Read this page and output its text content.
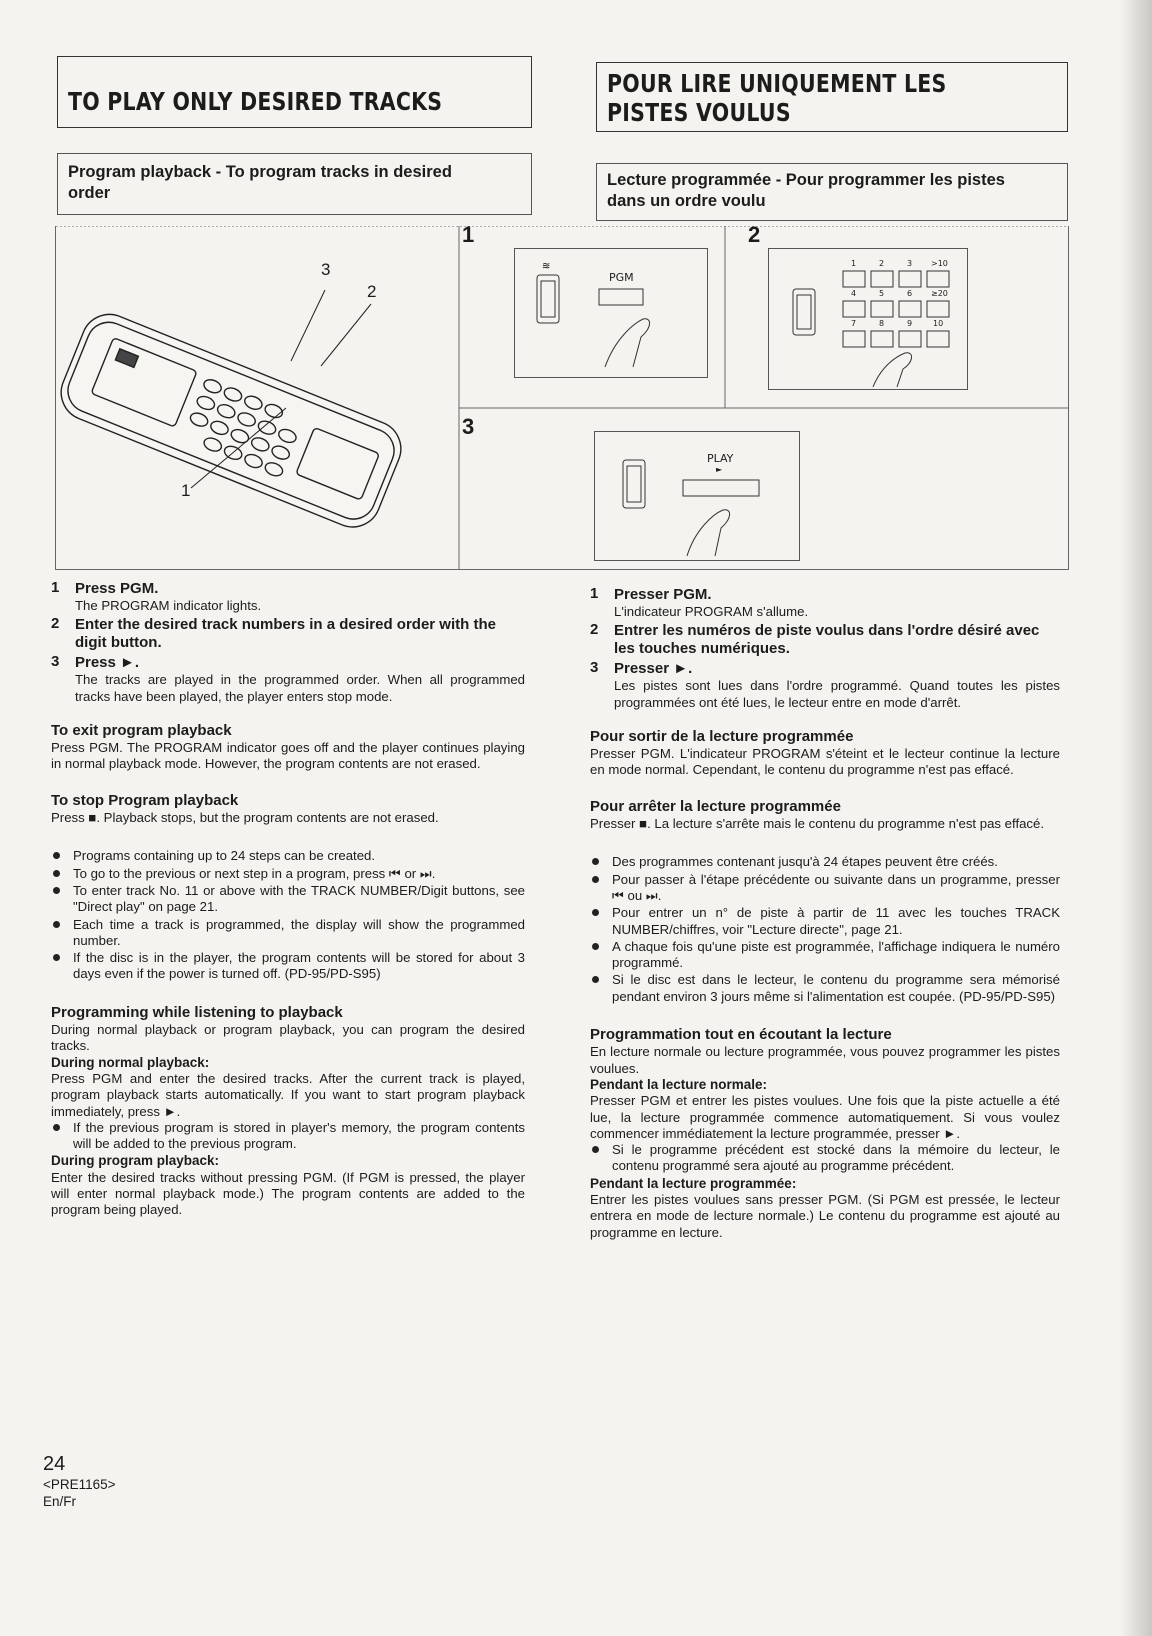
TO PLAY ONLY DESIRED TRACKS
POUR LIRE UNIQUEMENT LES PISTES VOULUS
Program playback - To program tracks in desired order
Lecture programmée - Pour programmer les pistes dans un ordre voulu
3
2
1
1
≋
PGM
2
1	2	3 >10
4	5	6 ≥20
7	8	9	10
3
PLAY
►
1	Press PGM.
The PROGRAM indicator lights.
2	Enter the desired track numbers in a desired order with the digit button.
3	Press ►.
The tracks are played in the programmed order. When all programmed tracks have been played, the player enters stop mode.
To exit program playback
Press PGM. The PROGRAM indicator goes off and the player continues playing in normal playback mode. However, the program contents are not erased.
To stop Program playback
Press ■. Playback stops, but the program contents are not erased.
Programs containing up to 24 steps can be created.
To go to the previous or next step in a program, press ⏮ or ⏭.
To enter track No. 11 or above with the TRACK NUMBER/Digit buttons, see "Direct play" on page 21.
Each time a track is programmed, the display will show the programmed number.
If the disc is in the player, the program contents will be stored for about 3 days even if the power is turned off. (PD-95/PD-S95)
Programming while listening to playback
During normal playback or program playback, you can program the desired tracks.
During normal playback:
Press PGM and enter the desired tracks. After the current track is played, program playback starts automatically. If you want to start program playback immediately, press ►.
If the previous program is stored in player's memory, the program contents will be added to the previous program.
During program playback:
Enter the desired tracks without pressing PGM. (If PGM is pressed, the player will enter normal playback mode.) The program contents are added to the program being played.
1	Presser PGM.
L'indicateur PROGRAM s'allume.
2	Entrer les numéros de piste voulus dans l'ordre désiré avec les touches numériques.
3	Presser ►.
Les pistes sont lues dans l'ordre programmé. Quand toutes les pistes programmées ont été lues, le lecteur entre en mode d'arrêt.
Pour sortir de la lecture programmée
Presser PGM. L'indicateur PROGRAM s'éteint et le lecteur continue la lecture en mode normal. Cependant, le contenu du programme n'est pas effacé.
Pour arrêter la lecture programmée
Presser ■. La lecture s'arrête mais le contenu du programme n'est pas effacé.
Des programmes contenant jusqu'à 24 étapes peuvent être créés.
Pour passer à l'étape précédente ou suivante dans un programme, presser ⏮ ou ⏭.
Pour entrer un n° de piste à partir de 11 avec les touches TRACK NUMBER/chiffres, voir "Lecture directe", page 21.
A chaque fois qu'une piste est programmée, l'affichage indiquera le numéro programmé.
Si le disc est dans le lecteur, le contenu du programme sera mémorisé pendant environ 3 jours même si l'alimentation est coupée. (PD-95/PD-S95)
Programmation tout en écoutant la lecture
En lecture normale ou lecture programmée, vous pouvez programmer les pistes voulues.
Pendant la lecture normale:
Presser PGM et entrer les pistes voulues. Une fois que la piste actuelle a été lue, la lecture programmée commence automatiquement. Si vous voulez commencer immédiatement la lecture programmée, presser ►.
Si le programme précédent est stocké dans la mémoire du lecteur, le contenu programmé sera ajouté au programme précédent.
Pendant la lecture programmée:
Entrer les pistes voulues sans presser PGM. (Si PGM est pressée, le lecteur entrera en mode de lecture normale.) Le contenu du programme est ajouté au programme en lecture.
24
<PRE1165>
En/Fr
